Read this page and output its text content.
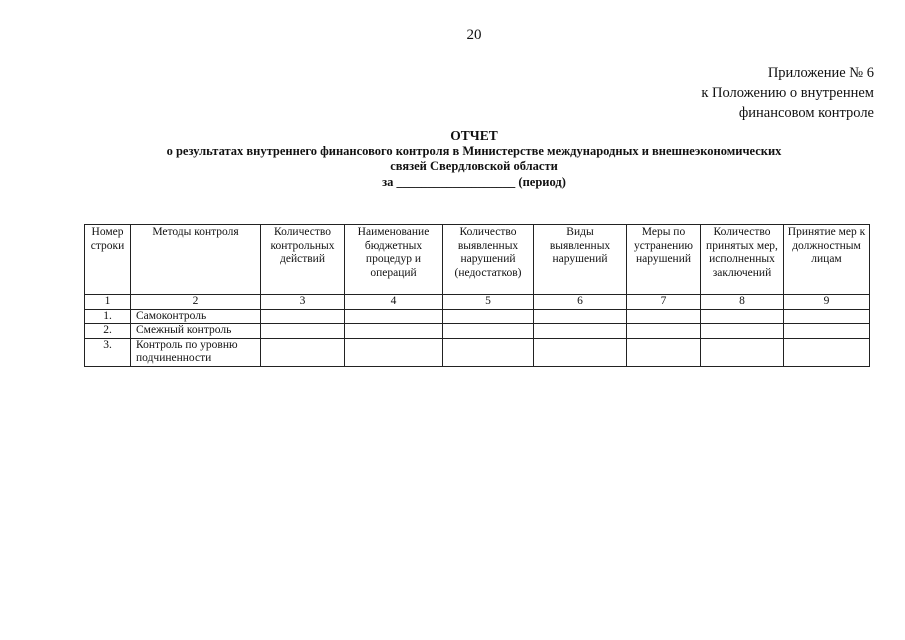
20
Приложение № 6
к Положению о внутреннем
финансовом контроле
ОТЧЕТ
о результатах внутреннего финансового контроля в Министерстве международных и внешнеэкономических
связей Свердловской области
за ___________________ (период)
Номер строки	Методы контроля	Количество контрольных действий	Наименование бюджетных процедур и операций	Количество выявленных нарушений (недостатков)	Виды выявленных нарушений	Меры по устранению нарушений	Количество принятых мер, исполненных заключений	Принятие мер к должностным лицам
1	2	3	4	5	6	7	8	9
1.	Самоконтроль							
2.	Смежный контроль							
3.	Контроль по уровню подчиненности							
